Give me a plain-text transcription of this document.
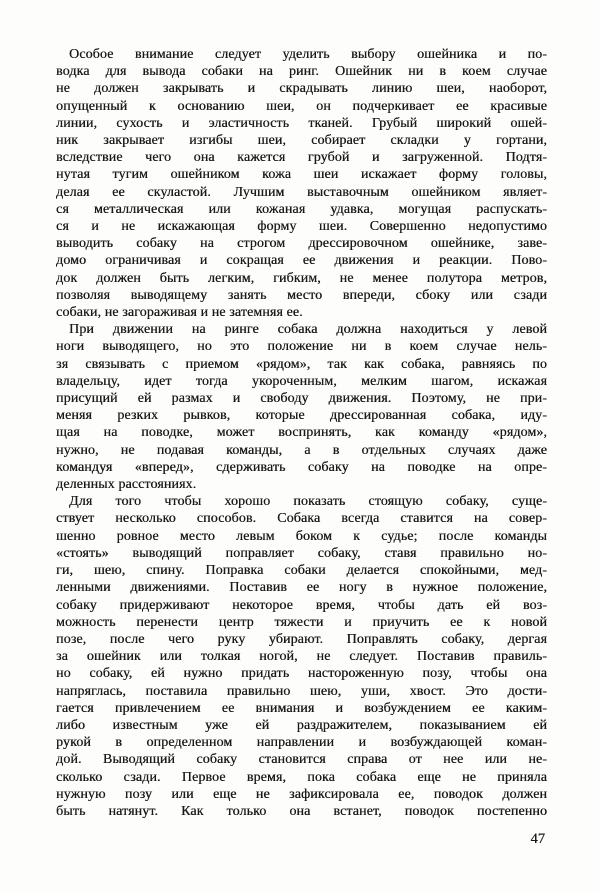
Особое внимание следует уделить выбору ошейника и по-
водка для вывода собаки на ринг. Ошейник ни в коем случае
не должен закрывать и скрадывать линию шеи, наоборот,
опущенный к основанию шеи, он подчеркивает ее красивые
линии, сухость и эластичность тканей. Грубый широкий ошей-
ник закрывает изгибы шеи, собирает складки у гортани,
вследствие чего она кажется грубой и загруженной. Подтя-
нутая тугим ошейником кожа шеи искажает форму головы,
делая ее скуластой. Лучшим выставочным ошейником являет-
ся металлическая или кожаная удавка, могущая распускать-
ся и не искажающая форму шеи. Совершенно недопустимо
выводить собаку на строгом дрессировочном ошейнике, заве-
домо ограничивая и сокращая ее движения и реакции. Пово-
док должен быть легким, гибким, не менее полутора метров,
позволяя выводящему занять место впереди, сбоку или сзади
собаки, не загораживая и не затемняя ее.
При движении на ринге собака должна находиться у левой
ноги выводящего, но это положение ни в коем случае нель-
зя связывать с приемом «рядом», так как собака, равняясь по
владельцу, идет тогда укороченным, мелким шагом, искажая
присущий ей размах и свободу движения. Поэтому, не при-
меняя резких рывков, которые дрессированная собака, иду-
щая на поводке, может воспринять, как команду «рядом»,
нужно, не подавая команды, а в отдельных случаях даже
командуя «вперед», сдерживать собаку на поводке на опре-
деленных расстояниях.
Для того чтобы хорошо показать стоящую собаку, суще-
ствует несколько способов. Собака всегда ставится на совер-
шенно ровное место левым боком к судье; после команды
«стоять» выводящий поправляет собаку, ставя правильно но-
ги, шею, спину. Поправка собаки делается спокойными, мед-
ленными движениями. Поставив ее ногу в нужное положение,
собаку придерживают некоторое время, чтобы дать ей воз-
можность перенести центр тяжести и приучить ее к новой
позе, после чего руку убирают. Поправлять собаку, дергая
за ошейник или толкая ногой, не следует. Поставив правиль-
но собаку, ей нужно придать настороженную позу, чтобы она
напряглась, поставила правильно шею, уши, хвост. Это дости-
гается привлечением ее внимания и возбуждением ее каким-
либо известным уже ей раздражителем, показыванием ей
рукой в определенном направлении и возбуждающей коман-
дой. Выводящий собаку становится справа от нее или не-
сколько сзади. Первое время, пока собака еще не приняла
нужную позу или еще не зафиксировала ее, поводок должен
быть натянут. Как только она встанет, поводок постепенно
47
